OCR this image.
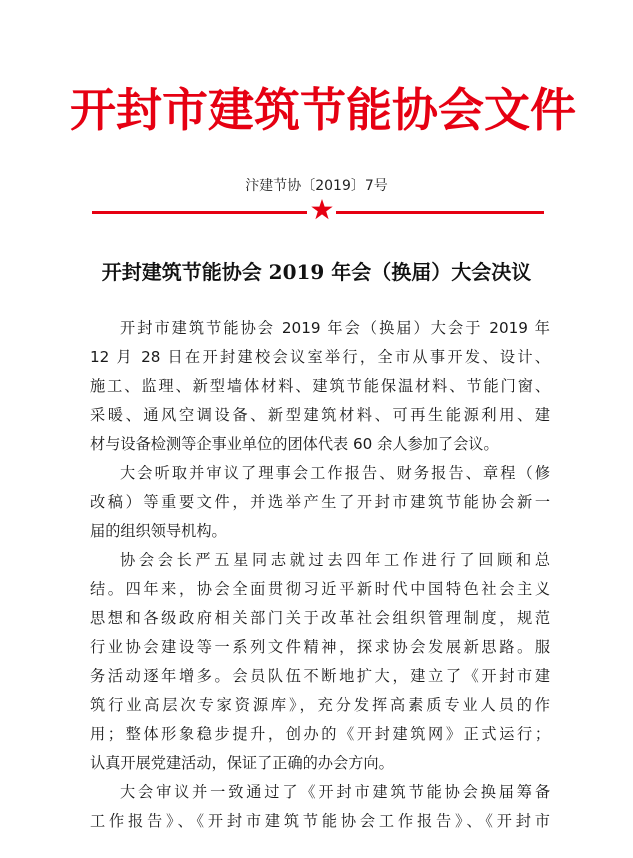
开封市建筑节能协会文件
汴建节协〔2019〕7号
开封建筑节能协会 2019 年会（换届）大会决议
开封市建筑节能协会 2019 年会（换届）大会于 2019 年
12 月 28 日在开封建校会议室举行，全市从事开发、设计、
施工、监理、新型墙体材料、建筑节能保温材料、节能门窗、
采暖、通风空调设备、新型建筑材料、可再生能源利用、建
材与设备检测等企事业单位的团体代表 60 余人参加了会议。
大会听取并审议了理事会工作报告、财务报告、章程（修
改稿）等重要文件，并选举产生了开封市建筑节能协会新一
届的组织领导机构。
协会会长严五星同志就过去四年工作进行了回顾和总
结。四年来，协会全面贯彻习近平新时代中国特色社会主义
思想和各级政府相关部门关于改革社会组织管理制度，规范
行业协会建设等一系列文件精神，探求协会发展新思路。服
务活动逐年增多。会员队伍不断地扩大，建立了《开封市建
筑行业高层次专家资源库》，充分发挥高素质专业人员的作
用；整体形象稳步提升，创办的《开封建筑网》正式运行；
认真开展党建活动，保证了正确的办会方向。
大会审议并一致通过了《开封市建筑节能协会换届筹备
工作报告》、《开封市建筑节能协会工作报告》、《开封市
